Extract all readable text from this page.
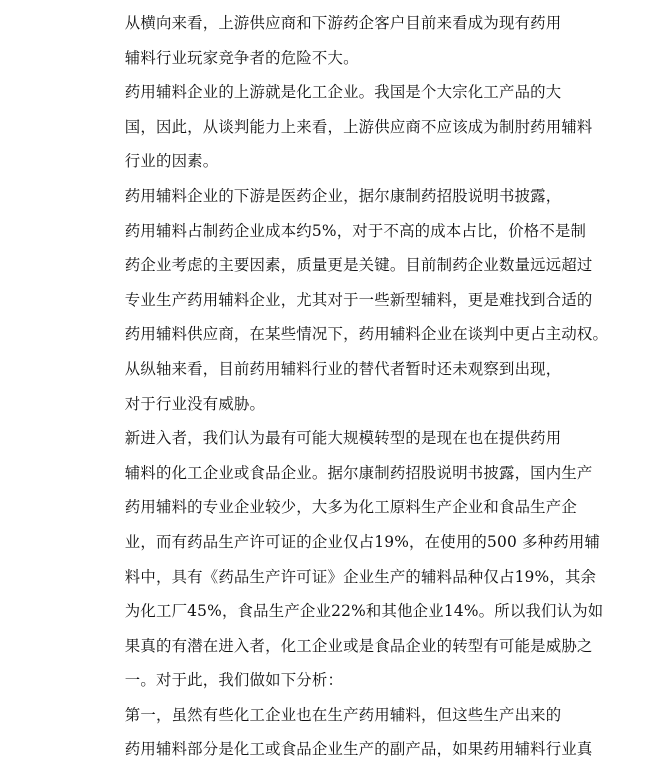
从横向来看，上游供应商和下游药企客户目前来看成为现有药用
辅料行业玩家竞争者的危险不大。

药用辅料企业的上游就是化工企业。我国是个大宗化工产品的大
国，因此，从谈判能力上来看，上游供应商不应该成为制肘药用辅料
行业的因素。

药用辅料企业的下游是医药企业，据尔康制药招股说明书披露，
药用辅料占制药企业成本约5%，对于不高的成本占比，价格不是制
药企业考虑的主要因素，质量更是关键。目前制药企业数量远远超过
专业生产药用辅料企业，尤其对于一些新型辅料，更是难找到合适的
药用辅料供应商，在某些情况下，药用辅料企业在谈判中更占主动权。

从纵轴来看，目前药用辅料行业的替代者暂时还未观察到出现，
对于行业没有威胁。

新进入者，我们认为最有可能大规模转型的是现在也在提供药用
辅料的化工企业或食品企业。据尔康制药招股说明书披露，国内生产
药用辅料的专业企业较少，大多为化工原料生产企业和食品生产企
业，而有药品生产许可证的企业仅占19%，在使用的500 多种药用辅
料中，具有《药品生产许可证》企业生产的辅料品种仅占19%，其余
为化工厂45%，食品生产企业22%和其他企业14%。所以我们认为如
果真的有潜在进入者，化工企业或是食品企业的转型有可能是威胁之
一。对于此，我们做如下分析：

第一，虽然有些化工企业也在生产药用辅料，但这些生产出来的
药用辅料部分是化工或食品企业生产的副产品，如果药用辅料行业真
